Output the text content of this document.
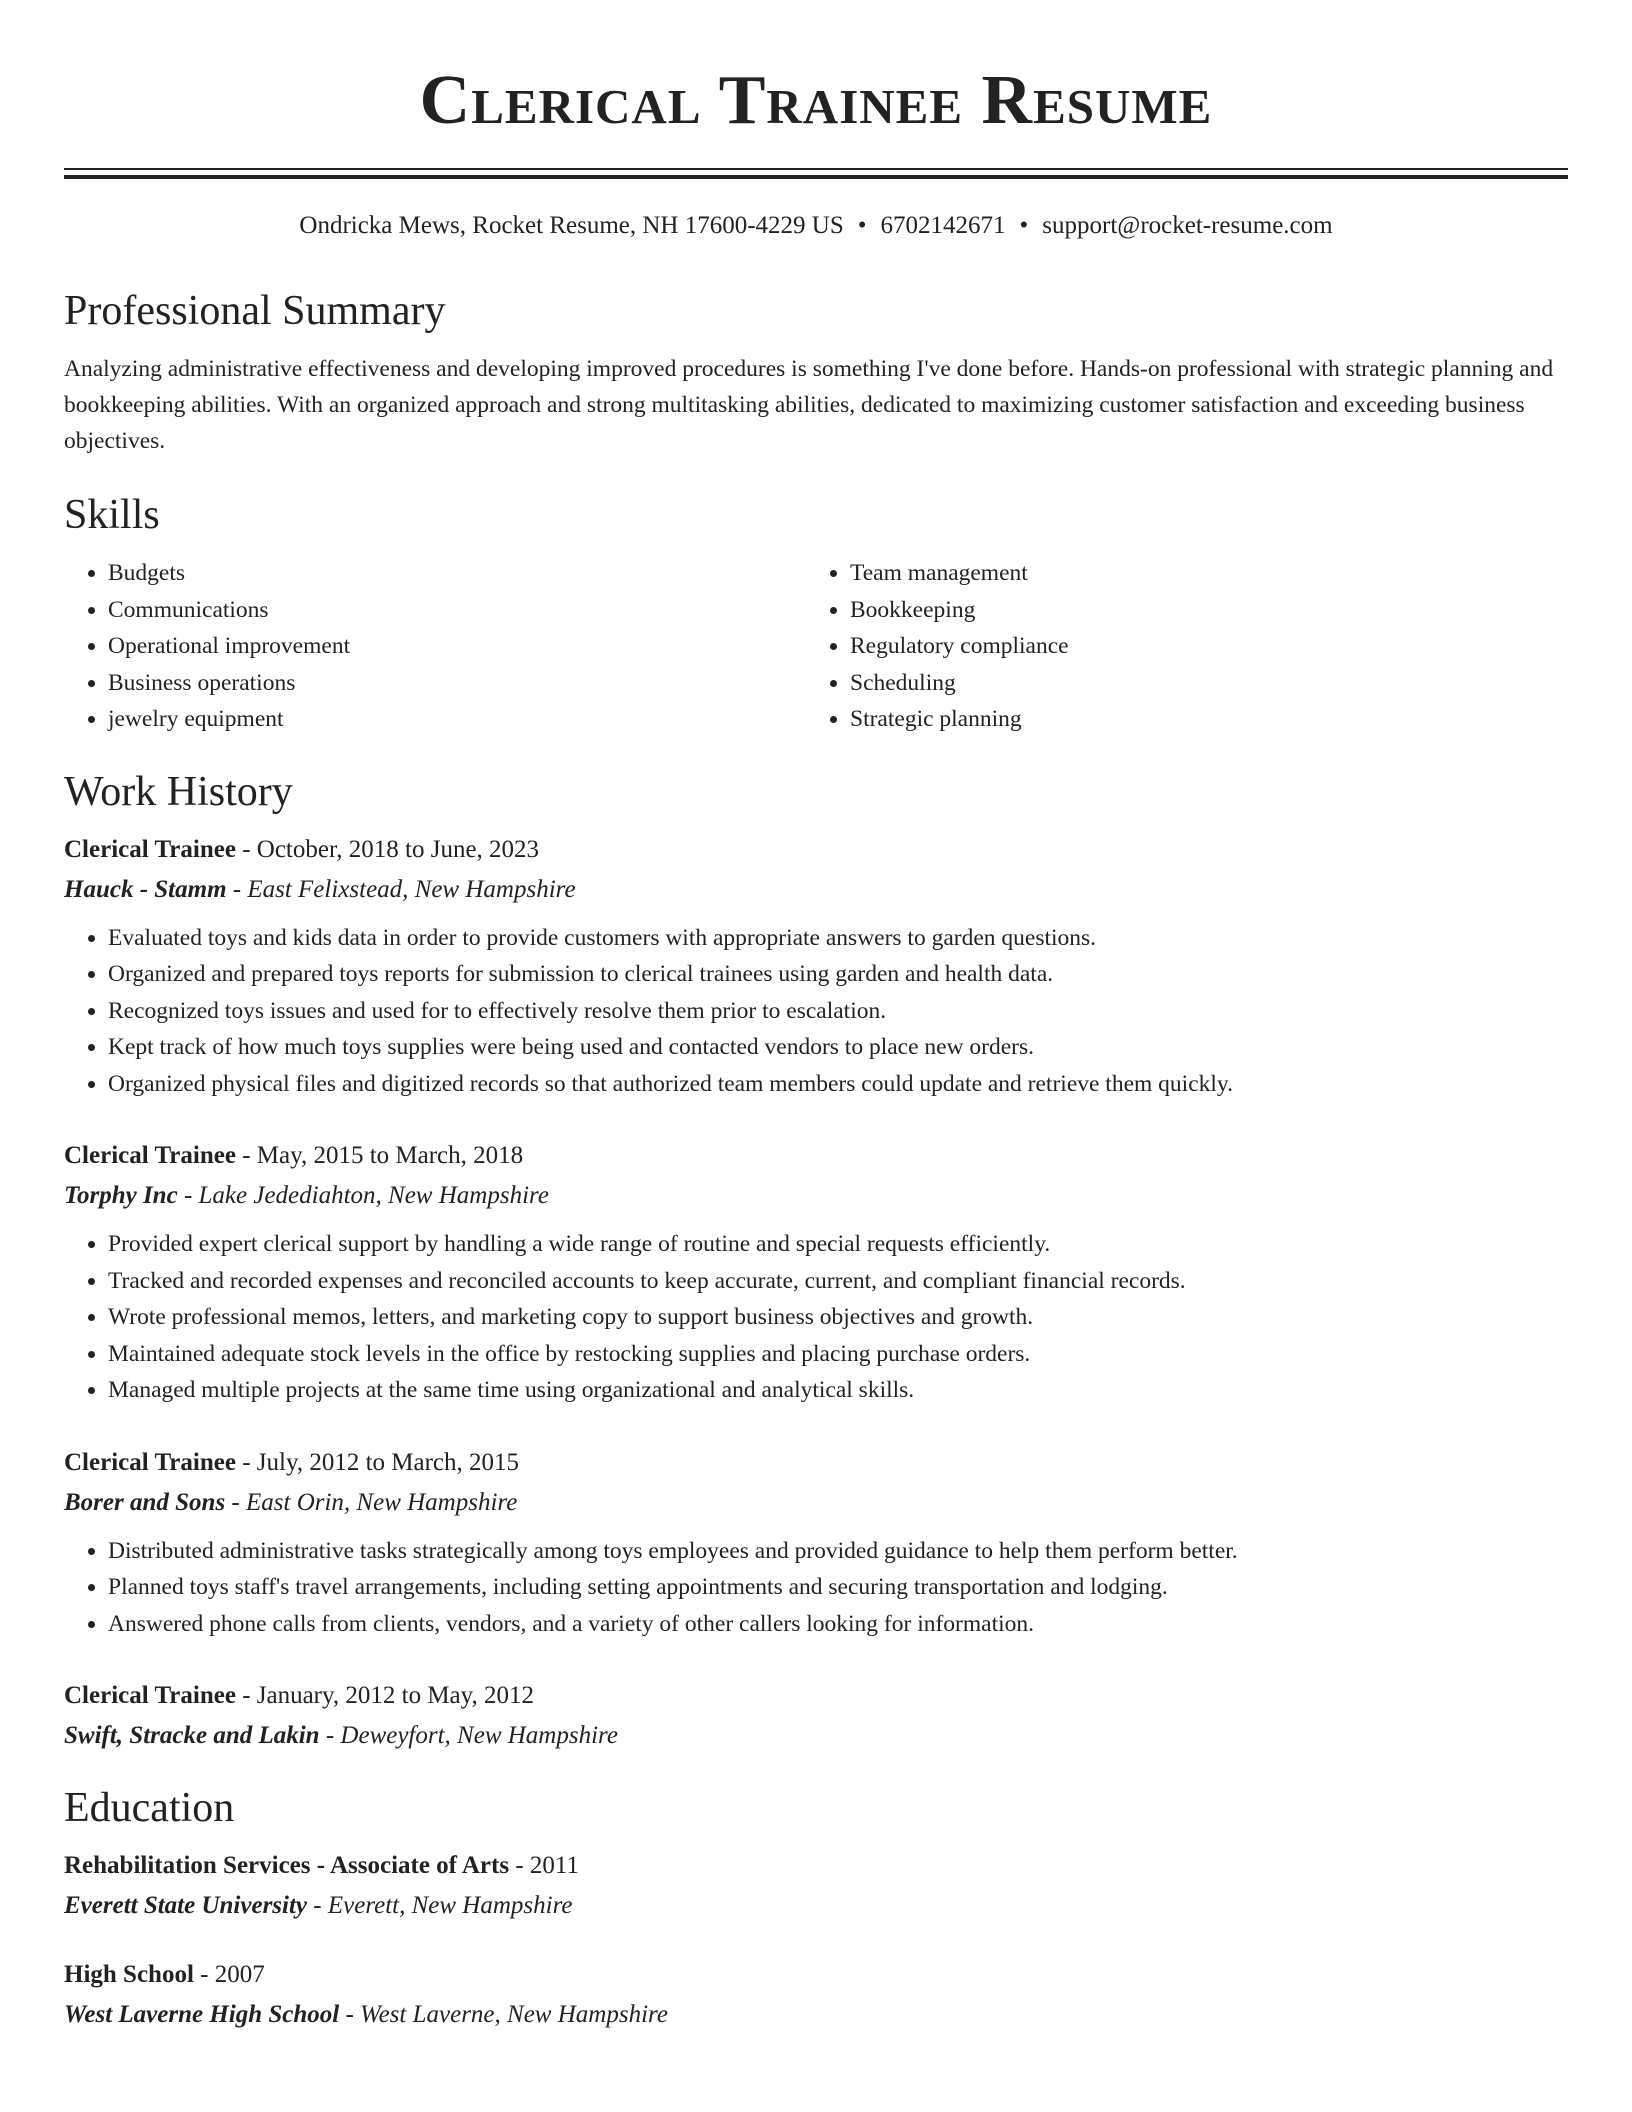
Clerical Trainee Resume
Ondricka Mews, Rocket Resume, NH 17600-4229 US • 6702142671 • support@rocket-resume.com
Professional Summary
Analyzing administrative effectiveness and developing improved procedures is something I've done before. Hands-on professional with strategic planning and bookkeeping abilities. With an organized approach and strong multitasking abilities, dedicated to maximizing customer satisfaction and exceeding business objectives.
Skills
• Budgets
• Communications
• Operational improvement
• Business operations
• jewelry equipment
• Team management
• Bookkeeping
• Regulatory compliance
• Scheduling
• Strategic planning
Work History
Clerical Trainee - October, 2018 to June, 2023
Hauck - Stamm - East Felixstead, New Hampshire
• Evaluated toys and kids data in order to provide customers with appropriate answers to garden questions.
• Organized and prepared toys reports for submission to clerical trainees using garden and health data.
• Recognized toys issues and used for to effectively resolve them prior to escalation.
• Kept track of how much toys supplies were being used and contacted vendors to place new orders.
• Organized physical files and digitized records so that authorized team members could update and retrieve them quickly.
Clerical Trainee - May, 2015 to March, 2018
Torphy Inc - Lake Jedediahton, New Hampshire
• Provided expert clerical support by handling a wide range of routine and special requests efficiently.
• Tracked and recorded expenses and reconciled accounts to keep accurate, current, and compliant financial records.
• Wrote professional memos, letters, and marketing copy to support business objectives and growth.
• Maintained adequate stock levels in the office by restocking supplies and placing purchase orders.
• Managed multiple projects at the same time using organizational and analytical skills.
Clerical Trainee - July, 2012 to March, 2015
Borer and Sons - East Orin, New Hampshire
• Distributed administrative tasks strategically among toys employees and provided guidance to help them perform better.
• Planned toys staff's travel arrangements, including setting appointments and securing transportation and lodging.
• Answered phone calls from clients, vendors, and a variety of other callers looking for information.
Clerical Trainee - January, 2012 to May, 2012
Swift, Stracke and Lakin - Deweyfort, New Hampshire
Education
Rehabilitation Services - Associate of Arts - 2011
Everett State University - Everett, New Hampshire
High School - 2007
West Laverne High School - West Laverne, New Hampshire
